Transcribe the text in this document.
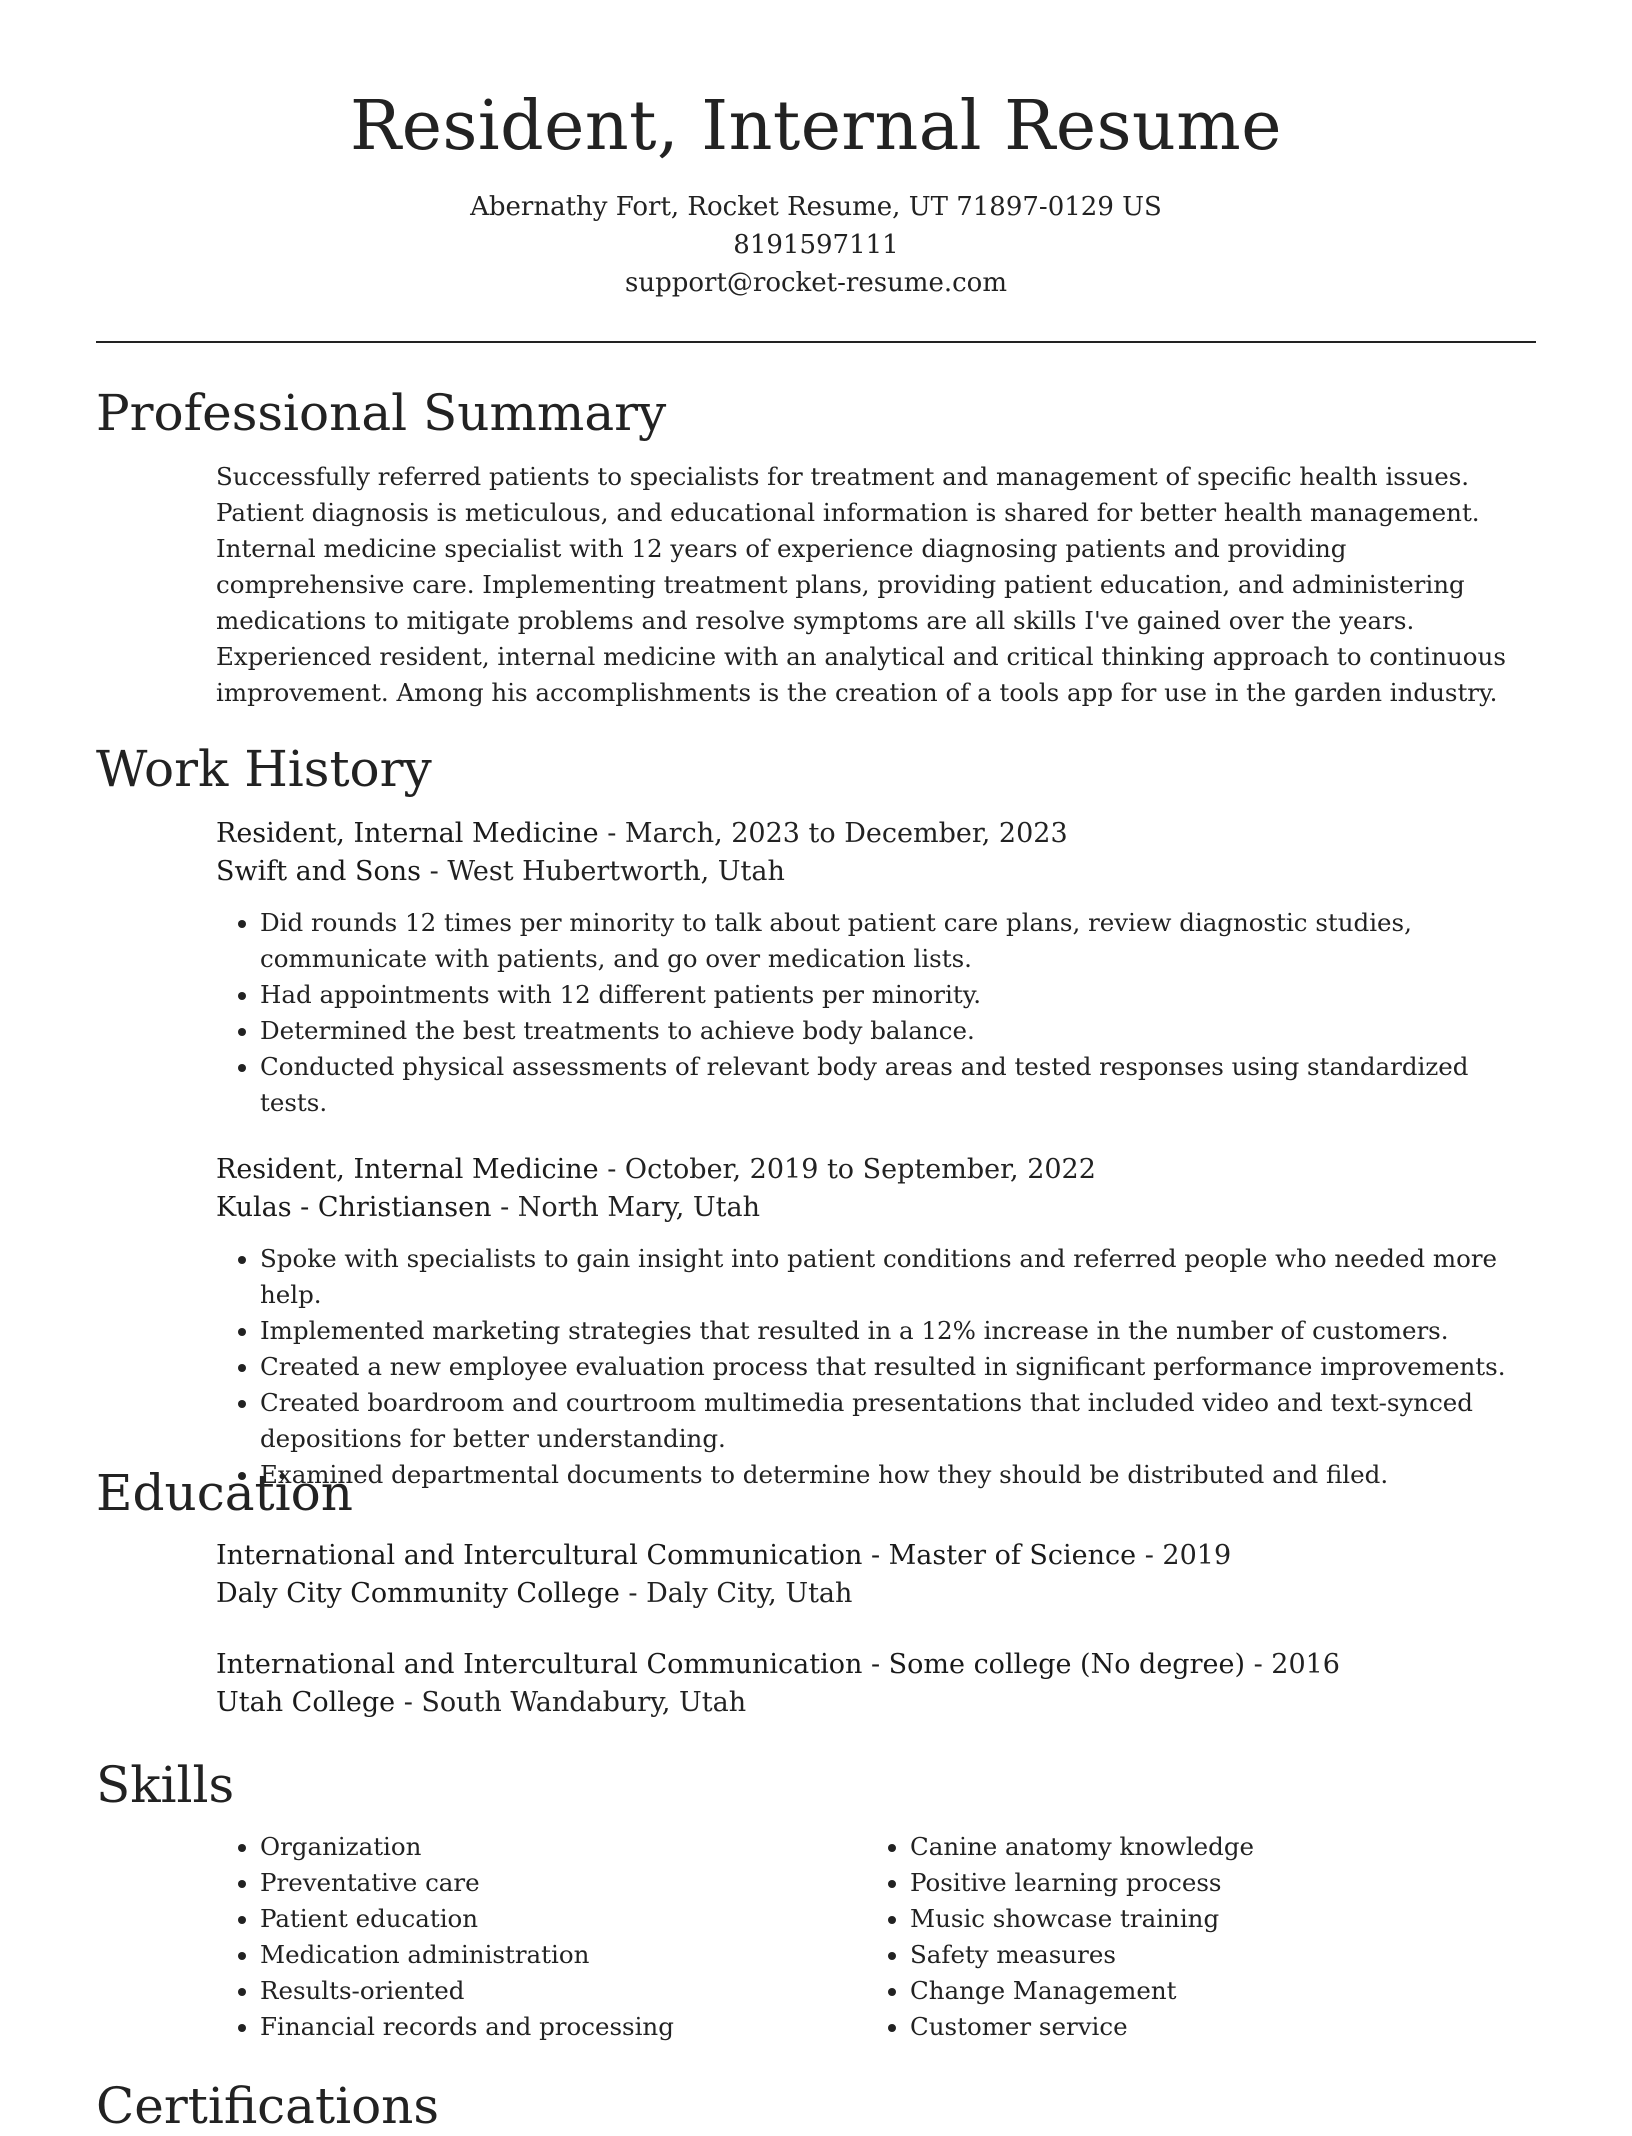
Resident, Internal Resume
Abernathy Fort, Rocket Resume, UT 71897-0129 US
8191597111
support@rocket-resume.com
Professional Summary
Successfully referred patients to specialists for treatment and management of specific health issues. Patient diagnosis is meticulous, and educational information is shared for better health management. Internal medicine specialist with 12 years of experience diagnosing patients and providing comprehensive care. Implementing treatment plans, providing patient education, and administering medications to mitigate problems and resolve symptoms are all skills I've gained over the years. Experienced resident, internal medicine with an analytical and critical thinking approach to continuous improvement. Among his accomplishments is the creation of a tools app for use in the garden industry.
Work History
Resident, Internal Medicine - March, 2023 to December, 2023
Swift and Sons - West Hubertworth, Utah
• Did rounds 12 times per minority to talk about patient care plans, review diagnostic studies, communicate with patients, and go over medication lists.
• Had appointments with 12 different patients per minority.
• Determined the best treatments to achieve body balance.
• Conducted physical assessments of relevant body areas and tested responses using standardized tests.
Resident, Internal Medicine - October, 2019 to September, 2022
Kulas - Christiansen - North Mary, Utah
• Spoke with specialists to gain insight into patient conditions and referred people who needed more help.
• Implemented marketing strategies that resulted in a 12% increase in the number of customers.
• Created a new employee evaluation process that resulted in significant performance improvements.
• Created boardroom and courtroom multimedia presentations that included video and text-synced depositions for better understanding.
• Examined departmental documents to determine how they should be distributed and filed.
Education
International and Intercultural Communication - Master of Science - 2019
Daly City Community College - Daly City, Utah
International and Intercultural Communication - Some college (No degree) - 2016
Utah College - South Wandabury, Utah
Skills
• Organization
• Preventative care
• Patient education
• Medication administration
• Results-oriented
• Financial records and processing
• Canine anatomy knowledge
• Positive learning process
• Music showcase training
• Safety measures
• Change Management
• Customer service
Certifications
